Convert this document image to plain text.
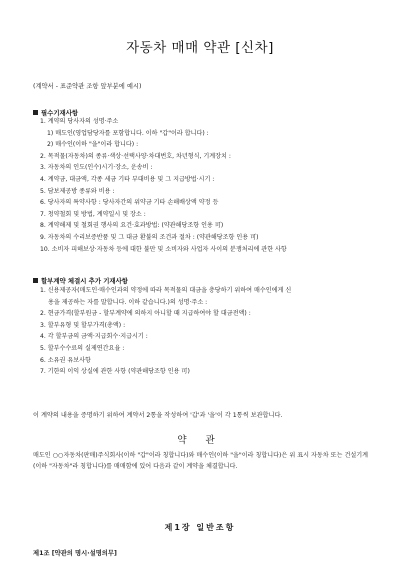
자동차 매매 약관 [신차]
(계약서 - 표준약관 조항 앞부분에 예시)
필수기재사항
1. 계약의 당사자의 성명·주소
1) 매도인(영업담당자를 포함합니다. 이하 "갑"이라 합니다) :
2) 매수인(이하 "을"이라 합니다) :
2. 목적물(자동차)의 종류·색상·선택사양·차대번호, 차년형식, 기계장치 :
3. 자동차의 인도(인수)시기·장소, 운송비 :
4. 계약금, 대금액, 각종 세금 기타 부대비용 및 그 지급방법·시기 :
5. 담보제공방 종류와 비용 :
6. 당사자의 특약사항 : 당사자간의 위약금 기타 손해배상액 약정 등
7. 청약철회 및 방법, 계약일시 및 장소 :
8. 계약해제 및 철회권 행사의 요건·효과방법: (약관해당조항 인용 可)
9. 자동차의 수리보증반품 및 그 대금 환불의 조건과 절차 : (약관해당조항 인용 可)
10. 소비자 피해보상·자동차 등에 대한 불만 및 소비자와 사업자 사이의 분쟁처리에 관한 사항
할부계약 체결시 추가 기재사항
1. 신용제공자(매도인·매수인과의 약정에 따라 목적물의 대금을 충당하기 위하여 매수인에게 신
용을 제공하는 자를 말합니다. 이하 같습니다.)의 성명·주소 :
2. 현금가격(할부원금 - 할부계약에 의하지 아니할 때 지급하여야 할 대금전액) :
3. 할부유형 및 할부가격(총액) :
4. 각 할부금의 금액·지급회수·지급시기 :
5. 할부수수료의 실제연간요율 :
6. 소유권 유보사항
7. 기한의 이익 상실에 관한 사항 (약관해당조항 인용 可)
이 계약의 내용을 증명하기 위하여 계약서 2통을 작성하여 '갑'과 '을'이 각 1통씩 보관합니다.
약 관
매도인 ○○자동차(판매)주식회사(이하 "갑"이라 칭합니다)와 매수인(이하 "을"이라 칭합니다)은 위 표시 자동차 또는 건설기계(이하 "자동차"라 칭합니다)를 매매함에 있어 다음과 같이 계약을 체결합니다.
제1장 일반조항
제1조 [약관의 명시·설명의무]
